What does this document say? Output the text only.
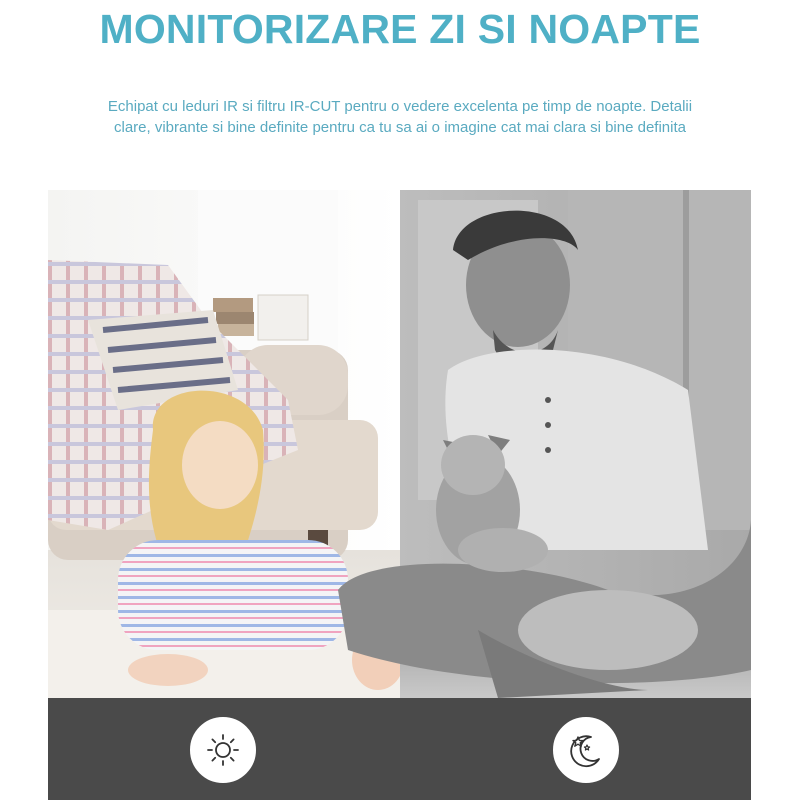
MONITORIZARE ZI SI NOAPTE

Echipat cu leduri IR si filtru IR-CUT pentru o vedere excelenta pe timp de noapte. Detalii clare, vibrante si bine definite pentru ca tu sa ai o imagine cat mai clara si bine definita
